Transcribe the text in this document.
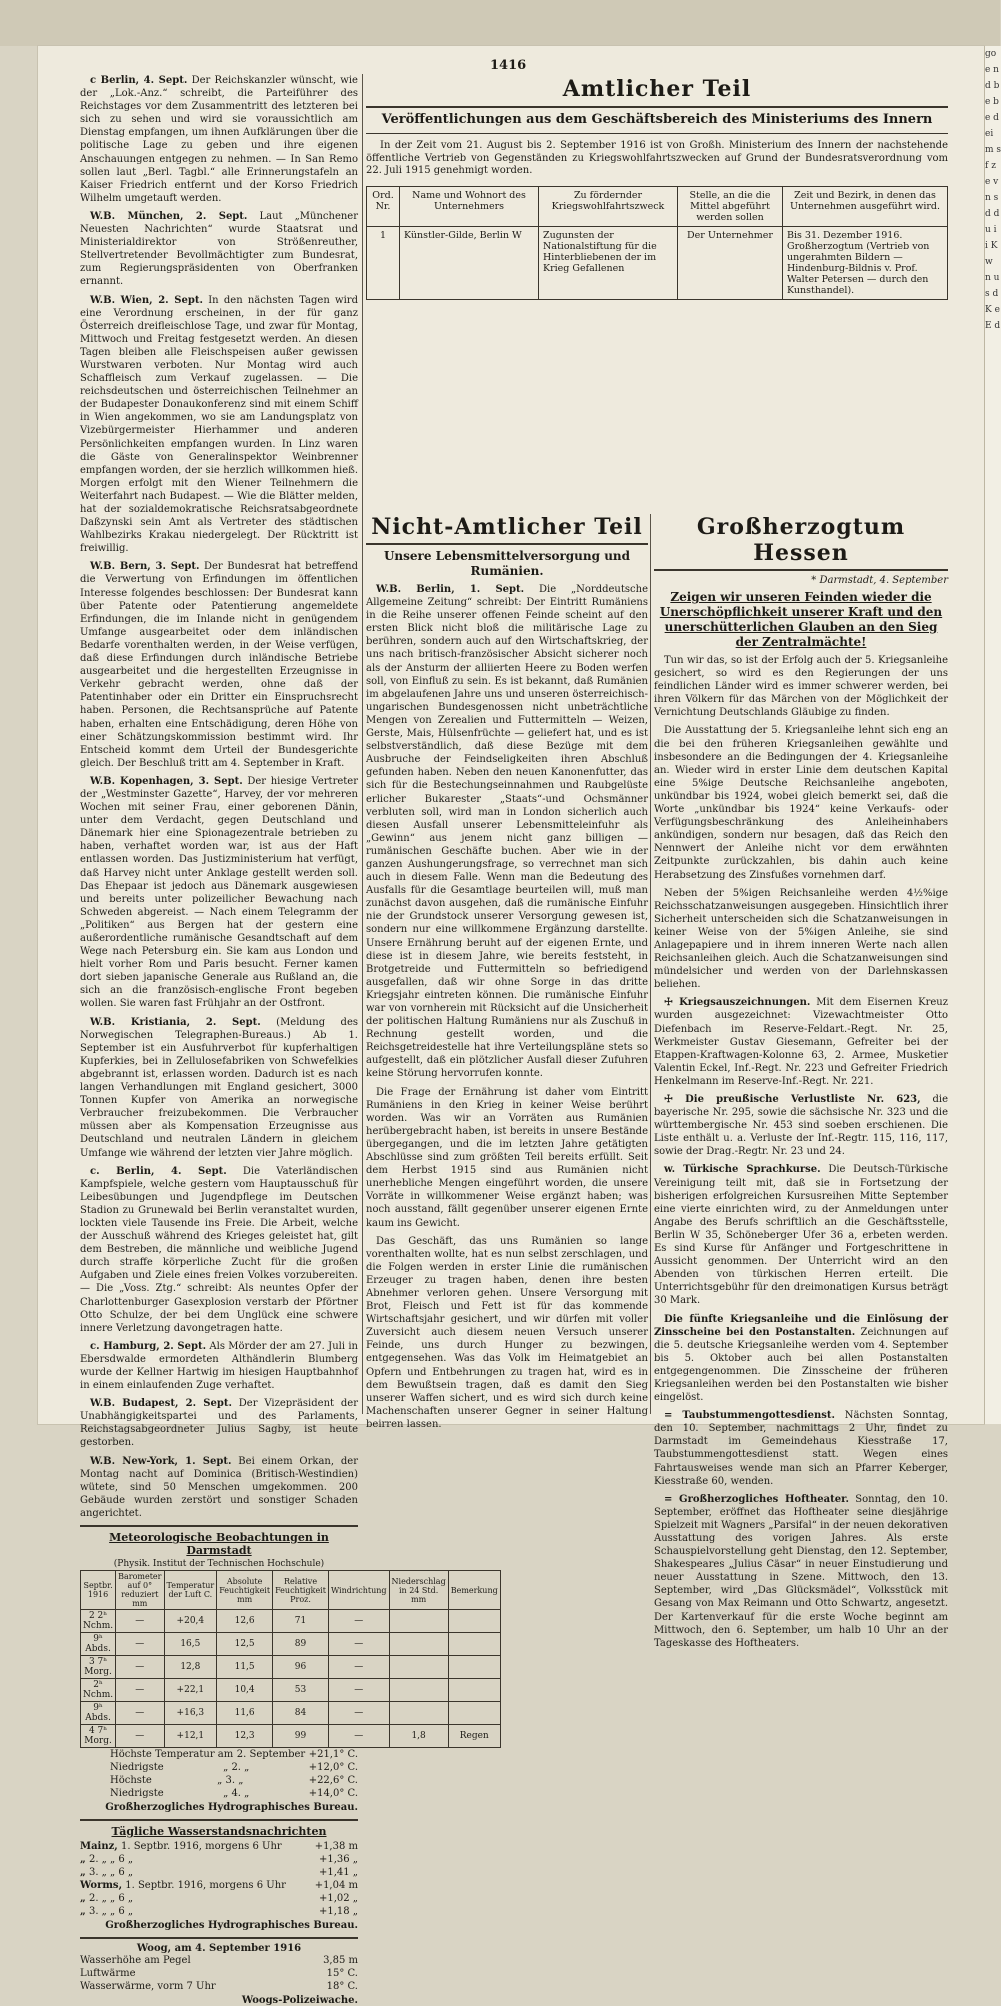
go e n d b e b e d ei m s f z e v n s d d u i i K w n u s d K e E d
1416

c Berlin, 4. Sept. Der Reichskanzler wünscht, wie der „Lok.-Anz.“ schreibt, die Parteiführer des Reichstages vor dem Zusammentritt des letzteren bei sich zu sehen und wird sie voraussichtlich am Dienstag empfangen, um ihnen Aufklärungen über die politische Lage zu geben und ihre eigenen Anschauungen entgegen zu nehmen. — In San Remo sollen laut „Berl. Tagbl.“ alle Erinnerungstafeln an Kaiser Friedrich entfernt und der Korso Friedrich Wilhelm umgetauft werden.

W.B. München, 2. Sept. Laut „Münchener Neuesten Nachrichten“ wurde Staatsrat und Ministerialdirektor von Strößenreuther, Stellvertretender Bevollmächtigter zum Bundesrat, zum Regierungspräsidenten von Oberfranken ernannt.

W.B. Wien, 2. Sept. In den nächsten Tagen wird eine Verordnung erscheinen, in der für ganz Österreich dreifleischlose Tage, und zwar für Montag, Mittwoch und Freitag festgesetzt werden. An diesen Tagen bleiben alle Fleischspeisen außer gewissen Wurstwaren verboten. Nur Montag wird auch Schaffleisch zum Verkauf zugelassen. — Die reichsdeutschen und österreichischen Teilnehmer an der Budapester Donaukonferenz sind mit einem Schiff in Wien angekommen, wo sie am Landungsplatz von Vizebürgermeister Hierhammer und anderen Persönlichkeiten empfangen wurden. In Linz waren die Gäste von Generalinspektor Weinbrenner empfangen worden, der sie herzlich willkommen hieß. Morgen erfolgt mit den Wiener Teilnehmern die Weiterfahrt nach Budapest. — Wie die Blätter melden, hat der sozialdemokratische Reichsratsabgeordnete Daßzynski sein Amt als Vertreter des städtischen Wahlbezirks Krakau niedergelegt. Der Rücktritt ist freiwillig.

W.B. Bern, 3. Sept. Der Bundesrat hat betreffend die Verwertung von Erfindungen im öffentlichen Interesse folgendes beschlossen: Der Bundesrat kann über Patente oder Patentierung angemeldete Erfindungen, die im Inlande nicht in genügendem Umfange ausgearbeitet oder dem inländischen Bedarfe vorenthalten werden, in der Weise verfügen, daß diese Erfindungen durch inländische Betriebe ausgearbeitet und die hergestellten Erzeugnisse in Verkehr gebracht werden, ohne daß der Patentinhaber oder ein Dritter ein Einspruchsrecht haben. Personen, die Rechtsansprüche auf Patente haben, erhalten eine Entschädigung, deren Höhe von einer Schätzungskommission bestimmt wird. Ihr Entscheid kommt dem Urteil der Bundesgerichte gleich. Der Beschluß tritt am 4. September in Kraft.

W.B. Kopenhagen, 3. Sept. Der hiesige Vertreter der „Westminster Gazette“, Harvey, der vor mehreren Wochen mit seiner Frau, einer geborenen Dänin, unter dem Verdacht, gegen Deutschland und Dänemark hier eine Spionagezentrale betrieben zu haben, verhaftet worden war, ist aus der Haft entlassen worden. Das Justizministerium hat verfügt, daß Harvey nicht unter Anklage gestellt werden soll. Das Ehepaar ist jedoch aus Dänemark ausgewiesen und bereits unter polizeilicher Bewachung nach Schweden abgereist. — Nach einem Telegramm der „Politiken“ aus Bergen hat der gestern eine außerordentliche rumänische Gesandtschaft auf dem Wege nach Petersburg ein. Sie kam aus London und hielt vorher Rom und Paris besucht. Ferner kamen dort sieben japanische Generale aus Rußland an, die sich an die französisch-englische Front begeben wollen. Sie waren fast Frühjahr an der Ostfront.

W.B. Kristiania, 2. Sept. (Meldung des Norwegischen Telegraphen-Bureaus.) Ab 1. September ist ein Ausfuhrverbot für kupferhaltigen Kupferkies, bei in Zellulosefabriken von Schwefelkies abgebrannt ist, erlassen worden. Dadurch ist es nach langen Verhandlungen mit England gesichert, 3000 Tonnen Kupfer von Amerika an norwegische Verbraucher freizubekommen. Die Verbraucher müssen aber als Kompensation Erzeugnisse aus Deutschland und neutralen Ländern in gleichem Umfange wie während der letzten vier Jahre möglich.

c. Berlin, 4. Sept. Die Vaterländischen Kampfspiele, welche gestern vom Hauptausschuß für Leibesübungen und Jugendpflege im Deutschen Stadion zu Grunewald bei Berlin veranstaltet wurden, lockten viele Tausende ins Freie. Die Arbeit, welche der Ausschuß während des Krieges geleistet hat, gilt dem Bestreben, die männliche und weibliche Jugend durch straffe körperliche Zucht für die großen Aufgaben und Ziele eines freien Volkes vorzubereiten. — Die „Voss. Ztg.“ schreibt: Als neuntes Opfer der Charlottenburger Gasexplosion verstarb der Pförtner Otto Schulze, der bei dem Unglück eine schwere innere Verletzung davongetragen hatte.

c. Hamburg, 2. Sept. Als Mörder der am 27. Juli in Ebersdwalde ermordeten Althändlerin Blumberg wurde der Kellner Hartwig im hiesigen Hauptbahnhof in einem einlaufenden Zuge verhaftet.

W.B. Budapest, 2. Sept. Der Vizepräsident der Unabhängigkeitspartei und des Parlaments, Reichstagsabgeordneter Julius Sagby, ist heute gestorben.

W.B. New-York, 1. Sept. Bei einem Orkan, der Montag nacht auf Dominica (Britisch-Westindien) wütete, sind 50 Menschen umgekommen. 200 Gebäude wurden zerstört und sonstiger Schaden angerichtet.

Meteorologische Beobachtungen in Darmstadt
(Physik. Institut der Technischen Hochschule)
Septbr. 1916	Barometer auf 0° reduziert mm	Temperatur der Luft C.	Absolute Feuchtigkeit mm	Relative Feuchtigkeit Proz.	Windrichtung	Niederschlag in 24 Std. mm	Bemerkung
2 2ʰ Nchm.	—	+20,4	12,6	71	—		
9ʰ Abds.	—	16,5	12,5	89	—		
3 7ʰ Morg.	—	12,8	11,5	96	—		
2ʰ Nchm.	—	+22,1	10,4	53	—		
9ʰ Abds.	—	+16,3	11,6	84	—		
4 7ʰ Morg.	—	+12,1	12,3	99	—	1,8	Regen
Höchste Temperatur am 2. September +21,1° C.
Niedrigste	„ 2. „	+12,0° C.
Höchste	„ 3. „	+22,6° C.
Niedrigste	„ 4. „	+14,0° C.
Großherzogliches Hydrographisches Bureau.
Tägliche Wasserstandsnachrichten
Mainz, 1. Septbr. 1916, morgens 6 Uhr	+1,38 m
„ 2. „ „ 6 „	+1,36 „
„ 3. „ „ 6 „	+1,41 „
Worms, 1. Septbr. 1916, morgens 6 Uhr	+1,04 m
„ 2. „ „ 6 „	+1,02 „
„ 3. „ „ 6 „	+1,18 „
Großherzogliches Hydrographisches Bureau.
Woog, am 4. September 1916
Wasserhöhe am Pegel	3,85 m
Luftwärme	15° C.
Wasserwärme, vorm 7 Uhr	18° C.
Woogs-Polizeiwache.
Amtlicher Teil
Veröffentlichungen aus dem Geschäftsbereich des Ministeriums des Innern

In der Zeit vom 21. August bis 2. September 1916 ist von Großh. Ministerium des Innern der nachstehende öffentliche Vertrieb von Gegenständen zu Kriegswohlfahrtszwecken auf Grund der Bundesratsverordnung vom 22. Juli 1915 genehmigt worden.

Ord. Nr.	Name und Wohnort des Unternehmers	Zu fördernder Kriegswohlfahrtszweck	Stelle, an die die Mittel abgeführt werden sollen	Zeit und Bezirk, in denen das Unternehmen ausgeführt wird.
1	Künstler-Gilde, Berlin W	Zugunsten der Nationalstiftung für die Hinterbliebenen der im Krieg Gefallenen	Der Unternehmer	Bis 31. Dezember 1916. Großherzogtum (Vertrieb von ungerahmten Bildern — Hindenburg-Bildnis v. Prof. Walter Petersen — durch den Kunsthandel).
Nicht-Amtlicher Teil
Unsere Lebensmittelversorgung und Rumänien.

W.B. Berlin, 1. Sept. Die „Norddeutsche Allgemeine Zeitung“ schreibt: Der Eintritt Rumäniens in die Reihe unserer offenen Feinde scheint auf den ersten Blick nicht bloß die militärische Lage zu berühren, sondern auch auf den Wirtschaftskrieg, der uns nach britisch-französischer Absicht sicherer noch als der Ansturm der alliierten Heere zu Boden werfen soll, von Einfluß zu sein. Es ist bekannt, daß Rumänien im abgelaufenen Jahre uns und unseren österreichisch-ungarischen Bundesgenossen nicht unbeträchtliche Mengen von Zerealien und Futtermitteln — Weizen, Gerste, Mais, Hülsenfrüchte — geliefert hat, und es ist selbstverständlich, daß diese Bezüge mit dem Ausbruche der Feindseligkeiten ihren Abschluß gefunden haben. Neben den neuen Kanonenfutter, das sich für die Bestechungseinnahmen und Raubgelüste erlicher Bukarester „Staats“-und Ochsmänner verbluten soll, wird man in London sicherlich auch diesen Ausfall unserer Lebensmitteleinfuhr als „Gewinn“ aus jenem nicht ganz billigen — rumänischen Geschäfte buchen. Aber wie in der ganzen Aushungerungsfrage, so verrechnet man sich auch in diesem Falle. Wenn man die Bedeutung des Ausfalls für die Gesamtlage beurteilen will, muß man zunächst davon ausgehen, daß die rumänische Einfuhr nie der Grundstock unserer Versorgung gewesen ist, sondern nur eine willkommene Ergänzung darstellte. Unsere Ernährung beruht auf der eigenen Ernte, und diese ist in diesem Jahre, wie bereits feststeht, in Brotgetreide und Futtermitteln so befriedigend ausgefallen, daß wir ohne Sorge in das dritte Kriegsjahr eintreten können. Die rumänische Einfuhr war von vornherein mit Rücksicht auf die Unsicherheit der politischen Haltung Rumäniens nur als Zuschuß in Rechnung gestellt worden, und die Reichsgetreidestelle hat ihre Verteilungspläne stets so aufgestellt, daß ein plötzlicher Ausfall dieser Zufuhren keine Störung hervorrufen konnte.

Die Frage der Ernährung ist daher vom Eintritt Rumäniens in den Krieg in keiner Weise berührt worden. Was wir an Vorräten aus Rumänien herübergebracht haben, ist bereits in unsere Bestände übergegangen, und die im letzten Jahre getätigten Abschlüsse sind zum größten Teil bereits erfüllt. Seit dem Herbst 1915 sind aus Rumänien nicht unerhebliche Mengen eingeführt worden, die unsere Vorräte in willkommener Weise ergänzt haben; was noch ausstand, fällt gegenüber unserer eigenen Ernte kaum ins Gewicht.

Das Geschäft, das uns Rumänien so lange vorenthalten wollte, hat es nun selbst zerschlagen, und die Folgen werden in erster Linie die rumänischen Erzeuger zu tragen haben, denen ihre besten Abnehmer verloren gehen. Unsere Versorgung mit Brot, Fleisch und Fett ist für das kommende Wirtschaftsjahr gesichert, und wir dürfen mit voller Zuversicht auch diesem neuen Versuch unserer Feinde, uns durch Hunger zu bezwingen, entgegensehen. Was das Volk im Heimatgebiet an Opfern und Entbehrungen zu tragen hat, wird es in dem Bewußtsein tragen, daß es damit den Sieg unserer Waffen sichert, und es wird sich durch keine Machenschaften unserer Gegner in seiner Haltung beirren lassen.

Großherzogtum Hessen
* Darmstadt, 4. September
Zeigen wir unseren Feinden wieder die Unerschöpflichkeit unserer Kraft und den unerschütterlichen Glauben an den Sieg der Zentralmächte!

Tun wir das, so ist der Erfolg auch der 5. Kriegsanleihe gesichert, so wird es den Regierungen der uns feindlichen Länder wird es immer schwerer werden, bei ihren Völkern für das Märchen von der Möglichkeit der Vernichtung Deutschlands Gläubige zu finden.

Die Ausstattung der 5. Kriegsanleihe lehnt sich eng an die bei den früheren Kriegsanleihen gewählte und insbesondere an die Bedingungen der 4. Kriegsanleihe an. Wieder wird in erster Linie dem deutschen Kapital eine 5%ige Deutsche Reichsanleihe angeboten, unkündbar bis 1924, wobei gleich bemerkt sei, daß die Worte „unkündbar bis 1924“ keine Verkaufs- oder Verfügungsbeschränkung des Anleiheinhabers ankündigen, sondern nur besagen, daß das Reich den Nennwert der Anleihe nicht vor dem erwähnten Zeitpunkte zurückzahlen, bis dahin auch keine Herabsetzung des Zinsfußes vornehmen darf.

Neben der 5%igen Reichsanleihe werden 4½%ige Reichsschatzanweisungen ausgegeben. Hinsichtlich ihrer Sicherheit unterscheiden sich die Schatzanweisungen in keiner Weise von der 5%igen Anleihe, sie sind Anlagepapiere und in ihrem inneren Werte nach allen Reichsanleihen gleich. Auch die Schatzanweisungen sind mündelsicher und werden von der Darlehnskassen beliehen.

☩ Kriegsauszeichnungen. Mit dem Eisernen Kreuz wurden ausgezeichnet: Vizewachtmeister Otto Diefenbach im Reserve-Feldart.-Regt. Nr. 25, Werkmeister Gustav Giesemann, Gefreiter bei der Etappen-Kraftwagen-Kolonne 63, 2. Armee, Musketier Valentin Eckel, Inf.-Regt. Nr. 223 und Gefreiter Friedrich Henkelmann im Reserve-Inf.-Regt. Nr. 221.

☩ Die preußische Verlustliste Nr. 623, die bayerische Nr. 295, sowie die sächsische Nr. 323 und die württembergische Nr. 453 sind soeben erschienen. Die Liste enthält u. a. Verluste der Inf.-Regtr. 115, 116, 117, sowie der Drag.-Regtr. Nr. 23 und 24.

w. Türkische Sprachkurse. Die Deutsch-Türkische Vereinigung teilt mit, daß sie in Fortsetzung der bisherigen erfolgreichen Kursusreihen Mitte September eine vierte einrichten wird, zu der Anmeldungen unter Angabe des Berufs schriftlich an die Geschäftsstelle, Berlin W 35, Schöneberger Ufer 36 a, erbeten werden. Es sind Kurse für Anfänger und Fortgeschrittene in Aussicht genommen. Der Unterricht wird an den Abenden von türkischen Herren erteilt. Die Unterrichtsgebühr für den dreimonatigen Kursus beträgt 30 Mark.

Die fünfte Kriegsanleihe und die Einlösung der Zinsscheine bei den Postanstalten. Zeichnungen auf die 5. deutsche Kriegsanleihe werden vom 4. September bis 5. Oktober auch bei allen Postanstalten entgegengenommen. Die Zinsscheine der früheren Kriegsanleihen werden bei den Postanstalten wie bisher eingelöst.

= Taubstummengottesdienst. Nächsten Sonntag, den 10. September, nachmittags 2 Uhr, findet zu Darmstadt im Gemeindehaus Kiesstraße 17, Taubstummengottesdienst statt. Wegen eines Fahrtausweises wende man sich an Pfarrer Keberger, Kiesstraße 60, wenden.

= Großherzogliches Hoftheater. Sonntag, den 10. September, eröffnet das Hoftheater seine diesjährige Spielzeit mit Wagners „Parsifal“ in der neuen dekorativen Ausstattung des vorigen Jahres. Als erste Schauspielvorstellung geht Dienstag, den 12. September, Shakespeares „Julius Cäsar“ in neuer Einstudierung und neuer Ausstattung in Szene. Mittwoch, den 13. September, wird „Das Glücksmädel“, Volksstück mit Gesang von Max Reimann und Otto Schwartz, angesetzt. Der Kartenverkauf für die erste Woche beginnt am Mittwoch, den 6. September, um halb 10 Uhr an der Tageskasse des Hoftheaters.
